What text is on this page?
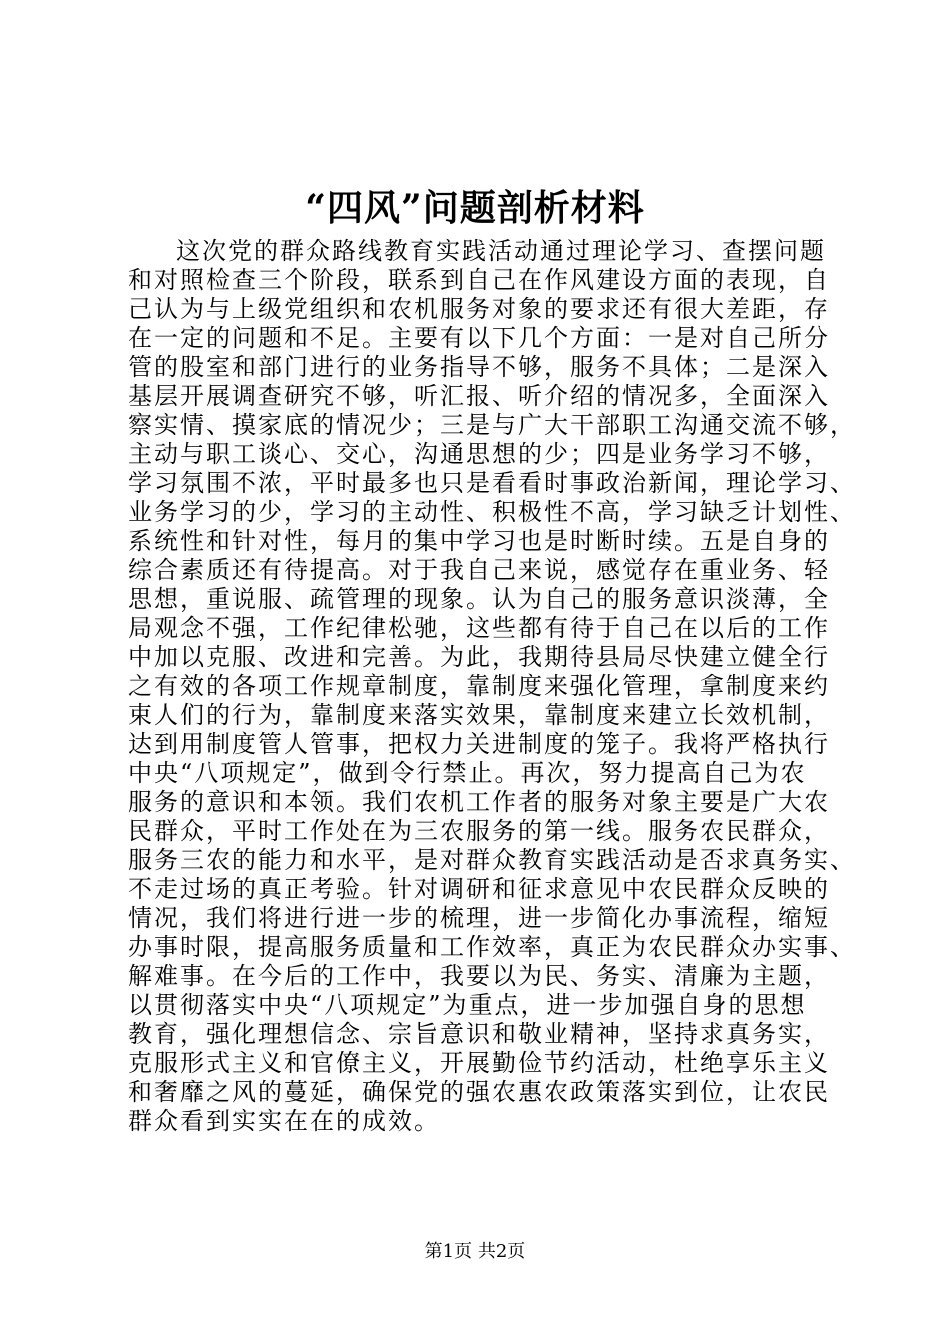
“四风”问题剖析材料
这次党的群众路线教育实践活动通过理论学习、查摆问题
和对照检查三个阶段，联系到自己在作风建设方面的表现，自
己认为与上级党组织和农机服务对象的要求还有很大差距，存
在一定的问题和不足。主要有以下几个方面：一是对自己所分
管的股室和部门进行的业务指导不够，服务不具体；二是深入
基层开展调查研究不够，听汇报、听介绍的情况多，全面深入
察实情、摸家底的情况少；三是与广大干部职工沟通交流不够，
主动与职工谈心、交心，沟通思想的少；四是业务学习不够，
学习氛围不浓，平时最多也只是看看时事政治新闻，理论学习、
业务学习的少，学习的主动性、积极性不高，学习缺乏计划性、
系统性和针对性，每月的集中学习也是时断时续。五是自身的
综合素质还有待提高。对于我自己来说，感觉存在重业务、轻
思想，重说服、疏管理的现象。认为自己的服务意识淡薄，全
局观念不强，工作纪律松驰，这些都有待于自己在以后的工作
中加以克服、改进和完善。为此，我期待县局尽快建立健全行
之有效的各项工作规章制度，靠制度来强化管理，拿制度来约
束人们的行为，靠制度来落实效果，靠制度来建立长效机制，
达到用制度管人管事，把权力关进制度的笼子。我将严格执行
中央“八项规定”，做到令行禁止。再次，努力提高自己为农
服务的意识和本领。我们农机工作者的服务对象主要是广大农
民群众，平时工作处在为三农服务的第一线。服务农民群众，
服务三农的能力和水平，是对群众教育实践活动是否求真务实、
不走过场的真正考验。针对调研和征求意见中农民群众反映的
情况，我们将进行进一步的梳理，进一步简化办事流程，缩短
办事时限，提高服务质量和工作效率，真正为农民群众办实事、
解难事。在今后的工作中，我要以为民、务实、清廉为主题，
以贯彻落实中央“八项规定”为重点，进一步加强自身的思想
教育，强化理想信念、宗旨意识和敬业精神，坚持求真务实，
克服形式主义和官僚主义，开展勤俭节约活动，杜绝享乐主义
和奢靡之风的蔓延，确保党的强农惠农政策落实到位，让农民
群众看到实实在在的成效。
第1页 共2页
